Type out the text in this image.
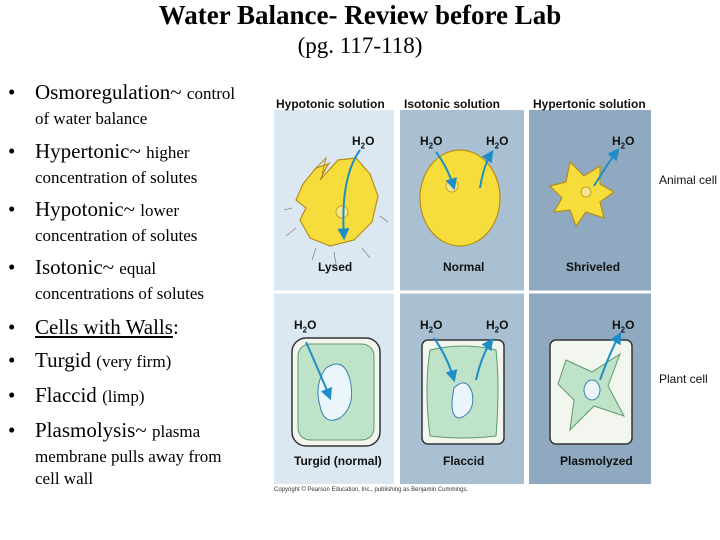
Water Balance- Review before Lab
(pg. 117-118)
• Osmoregulation~ control
of water balance
• Hypertonic~ higher
concentration of solutes
• Hypotonic~ lower
concentration of solutes
• Isotonic~ equal
concentrations of solutes
• Cells with Walls:
• Turgid (very firm)
• Flaccid (limp)
• Plasmolysis~ plasma
membrane pulls away from
cell wall
Hypotonic solution Isotonic solution	Hypertonic solution
$H_2O$	$H_2O$	$H_2O$	$H_2O$
Lysed	Normal	Shriveled
$H_2O$	$H_2O$	$H_2O$	$H_2O$
Turgid (normal)	Flaccid	Plasmolyzed
Animal cell
Plant cell
Copyright © Pearson Education, Inc., publishing as Benjamin Cummings.
